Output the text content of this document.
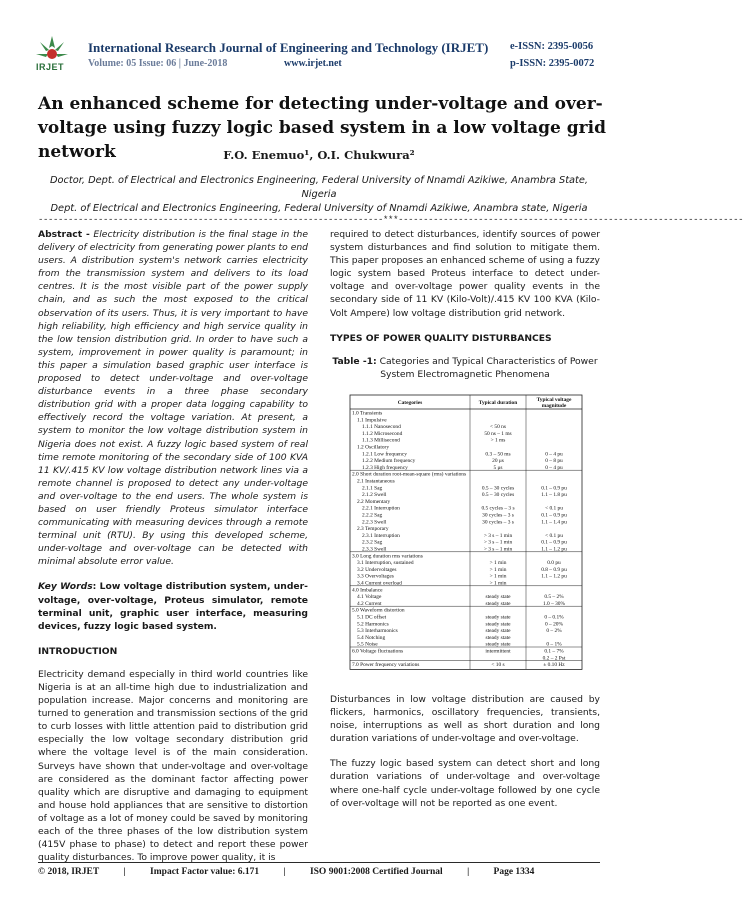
IRJET
International Research Journal of Engineering and Technology (IRJET) e-ISSN: 2395-0056
Volume: 05 Issue: 06 | June-2018	www.irjet.net	p-ISSN: 2395-0072
An enhanced scheme for detecting under-voltage and over-voltage using fuzzy logic based system in a low voltage grid network	F.O. Enemuo¹, O.I. Chukwura²
Doctor, Dept. of Electrical and Electronics Engineering, Federal University of Nnamdi Azikiwe, Anambra State, Nigeria
Dept. of Electrical and Electronics Engineering, Federal University of Nnamdi Azikiwe, Anambra state, Nigeria
---------------------------------------------------------------------***---------------------------------------------------------------------

Abstract - Electricity distribution is the final stage in the delivery of electricity from generating power plants to end users. A distribution system's network carries electricity from the transmission system and delivers to its load centres. It is the most visible part of the power supply chain, and as such the most exposed to the critical observation of its users. Thus, it is very important to have high reliability, high efficiency and high service quality in the low tension distribution grid. In order to have such a system, improvement in power quality is paramount; in this paper a simulation based graphic user interface is proposed to detect under-voltage and over-voltage disturbance events in a three phase secondary distribution grid with a proper data logging capability to effectively record the voltage variation. At present, a system to monitor the low voltage distribution system in Nigeria does not exist. A fuzzy logic based system of real time remote monitoring of the secondary side of 100 KVA 11 KV/.415 KV low voltage distribution network lines via a remote channel is proposed to detect any under-voltage and over-voltage to the end users. The whole system is based on user friendly Proteus simulator interface communicating with measuring devices through a remote terminal unit (RTU). By using this developed scheme, under-voltage and over-voltage can be detected with minimal absolute error value.

Key Words: Low voltage distribution system, under-voltage, over-voltage, Proteus simulator, remote terminal unit, graphic user interface, measuring devices, fuzzy logic based system.

INTRODUCTION

Electricity demand especially in third world countries like Nigeria is at an all-time high due to industrialization and population increase. Major concerns and monitoring are turned to generation and transmission sections of the grid to curb losses with little attention paid to distribution grid especially the low voltage secondary distribution grid where the voltage level is of the main consideration. Surveys have shown that under-voltage and over-voltage are considered as the dominant factor affecting power quality which are disruptive and damaging to equipment and house hold appliances that are sensitive to distortion of voltage as a lot of money could be saved by monitoring each of the three phases of the low distribution system (415V phase to phase) to detect and report these power quality disturbances. To improve power quality, it is

required to detect disturbances, identify sources of power system disturbances and find solution to mitigate them. This paper proposes an enhanced scheme of using a fuzzy logic system based Proteus interface to detect under-voltage and over-voltage power quality events in the secondary side of 11 KV (Kilo-Volt)/.415 KV 100 KVA (Kilo-Volt Ampere) low voltage distribution grid network.

TYPES OF POWER QUALITY DISTURBANCES
Table -1: Categories and Typical Characteristics of Power System Electromagnetic Phenomena
Categories	Typical duration	Typical voltage
magnitude
1.0 Transients
1.1 Impulsive
1.1.1 Nanosecond	< 50 ns
1.1.2 Microsecond	50 ns – 1 ms
1.1.3 Millisecond	> 1 ms
1.2 Oscillatory
1.2.1 Low frequency	0.3 – 50 ms	0 – 4 pu
1.2.2 Medium frequency	20 μs	0 – 8 pu
1.2.3 High frequency	5 μs	0 – 4 pu
2.0 Short duration root-mean-square (rms) variations
2.1 Instantaneous
2.1.1 Sag	0.5 – 30 cycles	0.1 – 0.9 pu
2.1.2 Swell	0.5 – 30 cycles	1.1 – 1.8 pu
2.2 Momentary
2.2.1 Interruption	0.5 cycles – 3 s	< 0.1 pu
2.2.2 Sag	30 cycles – 3 s	0.1 – 0.9 pu
2.2.3 Swell	30 cycles – 3 s	1.1 – 1.4 pu
2.3 Temporary
2.3.1 Interruption	> 3 s – 1 min	< 0.1 pu
2.3.2 Sag	> 3 s – 1 min	0.1 – 0.9 pu
2.3.3 Swell	> 3 s – 1 min	1.1 – 1.2 pu
3.0 Long duration rms variations
3.1 Interruption, sustained	> 1 min	0.0 pu
3.2 Undervoltages	> 1 min	0.8 – 0.9 pu
3.3 Overvoltages	> 1 min	1.1 – 1.2 pu
3.4 Current overload	> 1 min
4.0 Imbalance
4.1 Voltage	steady state	0.5 – 2%
4.2 Current	steady state	1.0 – 30%
5.0 Waveform distortion
5.1 DC offset	steady state	0 – 0.1%
5.2 Harmonics	steady state	0 – 20%
5.3 Interharmonics	steady state	0 – 2%
5.4 Notching	steady state
5.5 Noise	steady state	0 – 1%
6.0 Voltage fluctuations	intermittent	0.1 – 7%
0.2 – 2 Pst
7.0 Power frequency variations	< 10 s	± 0.10 Hz

Disturbances in low voltage distribution are caused by flickers, harmonics, oscillatory frequencies, transients, noise, interruptions as well as short duration and long duration variations of under-voltage and over-voltage.

The fuzzy logic based system can detect short and long duration variations of under-voltage and over-voltage where one-half cycle under-voltage followed by one cycle of over-voltage will not be reported as one event.

© 2018, IRJET	|	Impact Factor value: 6.171	|	ISO 9001:2008 Certified Journal	|	Page 1334
